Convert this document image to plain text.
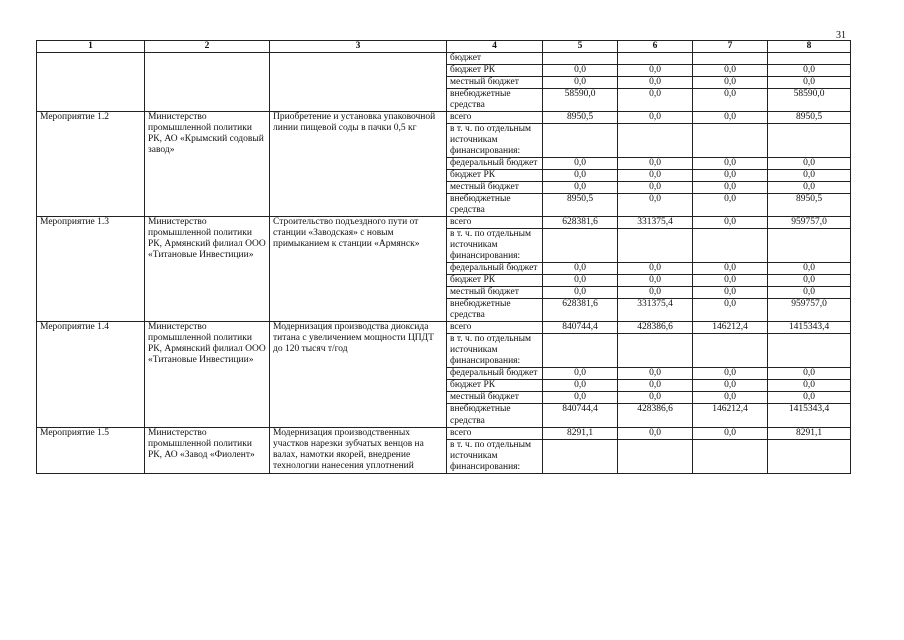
31
1	2	3	4	5	6	7	8
			бюджет				
			бюджет РК	0,0	0,0	0,0	0,0
			местный бюджет	0,0	0,0	0,0	0,0
			внебюджетные средства	58590,0	0,0	0,0	58590,0
Мероприятие 1.2	Министерство промышленной политики РК, АО «Крымский содовый завод»	Приобретение и установка упаковочной линии пищевой соды в пачки 0,5 кг	всего	8950,5	0,0	0,0	8950,5
			в т. ч. по отдельным источникам финансирования:				
			федеральный бюджет	0,0	0,0	0,0	0,0
			бюджет РК	0,0	0,0	0,0	0,0
			местный бюджет	0,0	0,0	0,0	0,0
			внебюджетные средства	8950,5	0,0	0,0	8950,5
Мероприятие 1.3	Министерство промышленной политики РК, Армянский филиал ООО «Титановые Инвестиции»	Строительство подъездного пути от станции «Заводская» с новым примыканием к станции «Армянск»	всего	628381,6	331375,4	0,0	959757,0
			в т. ч. по отдельным источникам финансирования:				
			федеральный бюджет	0,0	0,0	0,0	0,0
			бюджет РК	0,0	0,0	0,0	0,0
			местный бюджет	0,0	0,0	0,0	0,0
			внебюджетные средства	628381,6	331375,4	0,0	959757,0
Мероприятие 1.4	Министерство промышленной политики РК, Армянский филиал ООО «Титановые Инвестиции»	Модернизация производства диоксида титана с увеличением мощности ЦПДТ до 120 тысяч т/год	всего	840744,4	428386,6	146212,4	1415343,4
			в т. ч. по отдельным источникам финансирования:				
			федеральный бюджет	0,0	0,0	0,0	0,0
			бюджет РК	0,0	0,0	0,0	0,0
			местный бюджет	0,0	0,0	0,0	0,0
			внебюджетные средства	840744,4	428386,6	146212,4	1415343,4
Мероприятие 1.5	Министерство промышленной политики РК, АО «Завод «Фиолент»	Модернизация производственных участков нарезки зубчатых венцов на валах, намотки якорей, внедрение технологии нанесения уплотнений	всего	8291,1	0,0	0,0	8291,1
			в т. ч. по отдельным источникам финансирования:				
